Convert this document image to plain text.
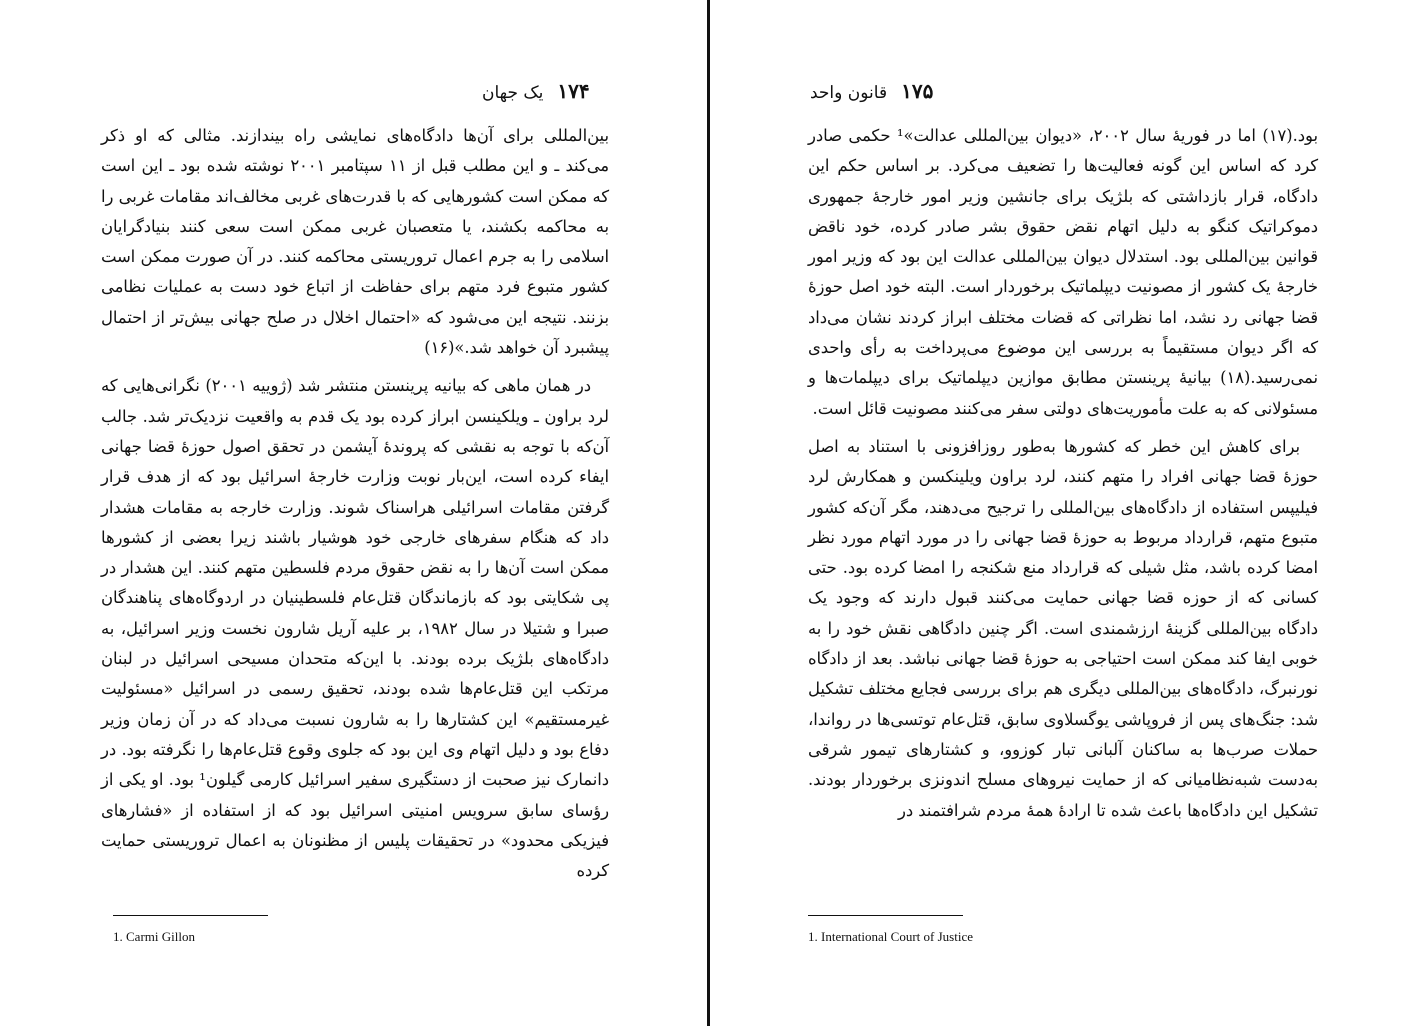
۱۷۴
یک جهان

بین‌المللی برای آن‌ها دادگاه‌های نمایشی راه بیندازند. مثالی که او ذکر می‌کند ـ و این مطلب قبل از ۱۱ سپتامبر ۲۰۰۱ نوشته شده بود ـ این است که ممکن است کشورهایی که با قدرت‌های غربی مخالف‌اند مقامات غربی را به محاکمه بکشند، یا متعصبان غربی ممکن است سعی کنند بنیادگرایان اسلامی را به جرم اعمال تروریستی محاکمه کنند. در آن صورت ممکن است کشور متبوع فرد متهم برای حفاظت از اتباع خود دست به عملیات نظامی بزنند. نتیجه این می‌شود که «احتمال اخلال در صلح جهانی بیش‌تر از احتمال پیشبرد آن خواهد شد.»(۱۶)

در همان ماهی که بیانیه پرینستن منتشر شد (ژوییه ۲۰۰۱) نگرانی‌هایی که لرد براون ـ ویلکینسن ابراز کرده بود یک قدم به واقعیت نزدیک‌تر شد. جالب آن‌که با توجه به نقشی که پروندهٔ آیشمن در تحقق اصول حوزهٔ قضا جهانی ایفاء کرده است، این‌بار نوبت وزارت خارجهٔ اسرائیل بود که از هدف قرار گرفتن مقامات اسرائیلی هراسناک شوند. وزارت خارجه به مقامات هشدار داد که هنگام سفرهای خارجی خود هوشیار باشند زیرا بعضی از کشورها ممکن است آن‌ها را به نقض حقوق مردم فلسطین متهم کنند. این هشدار در پی شکایتی بود که بازماندگان قتل‌عام فلسطینیان در اردوگاه‌های پناهندگان صبرا و شتیلا در سال ۱۹۸۲، بر علیه آریل شارون نخست وزیر اسرائیل، به دادگاه‌های بلژیک برده بودند. با این‌که متحدان مسیحی اسرائیل در لبنان مرتکب این قتل‌عام‌ها شده بودند، تحقیق رسمی در اسرائیل «مسئولیت غیرمستقیم» این کشتارها را به شارون نسبت می‌داد که در آن زمان وزیر دفاع بود و دلیل اتهام وی این بود که جلوی وقوع قتل‌عام‌ها را نگرفته بود. در دانمارک نیز صحبت از دستگیری سفیر اسرائیل کارمی گیلون¹ بود. او یکی از رؤسای سابق سرویس امنیتی اسرائیل بود که از استفاده از «فشارهای فیزیکی محدود» در تحقیقات پلیس از مظنونان به اعمال تروریستی حمایت کرده

1. Carmi Gillon
۱۷۵
قانون واحد

بود.(۱۷) اما در فوریهٔ سال ۲۰۰۲، «دیوان بین‌المللی عدالت»¹ حکمی صادر کرد که اساس این گونه فعالیت‌ها را تضعیف می‌کرد. بر اساس حکم این دادگاه، قرار بازداشتی که بلژیک برای جانشین وزیر امور خارجهٔ جمهوری دموکراتیک کنگو به دلیل اتهام نقض حقوق بشر صادر کرده، خود ناقض قوانین بین‌المللی بود. استدلال دیوان بین‌المللی عدالت این بود که وزیر امور خارجهٔ یک کشور از مصونیت دیپلماتیک برخوردار است. البته خود اصل حوزهٔ قضا جهانی رد نشد، اما نظراتی که قضات مختلف ابراز کردند نشان می‌داد که اگر دیوان مستقیماً به بررسی این موضوع می‌پرداخت به رأی واحدی نمی‌رسید.(۱۸) بیانیهٔ پرینستن مطابق موازین دیپلماتیک برای دیپلمات‌ها و مسئولانی که به علت مأموریت‌های دولتی سفر می‌کنند مصونیت قائل است.

برای کاهش این خطر که کشورها به‌طور روزافزونی با استناد به اصل حوزهٔ قضا جهانی افراد را متهم کنند، لرد براون ویلینکسن و همکارش لرد فیلیپس استفاده از دادگاه‌های بین‌المللی را ترجیح می‌دهند، مگر آن‌که کشور متبوع متهم، قرارداد مربوط به حوزهٔ قضا جهانی را در مورد اتهام مورد نظر امضا کرده باشد، مثل شیلی که قرارداد منع شکنجه را امضا کرده بود. حتی کسانی که از حوزه قضا جهانی حمایت می‌کنند قبول دارند که وجود یک دادگاه بین‌المللی گزینهٔ ارزشمندی است. اگر چنین دادگاهی نقش خود را به خوبی ایفا کند ممکن است احتیاجی به حوزهٔ قضا جهانی نباشد. بعد از دادگاه نورنبرگ، دادگاه‌های بین‌المللی دیگری هم برای بررسی فجایع مختلف تشکیل شد: جنگ‌های پس از فروپاشی یوگسلاوی سابق، قتل‌عام توتسی‌ها در رواندا، حملات صرب‌ها به ساکنان آلبانی تبار کوزوو، و کشتارهای تیمور شرقی به‌دست شبه‌نظامیانی که از حمایت نیروهای مسلح اندونزی برخوردار بودند. تشکیل این دادگاه‌ها باعث شده تا ارادهٔ همهٔ مردم شرافتمند در

1. International Court of Justice
